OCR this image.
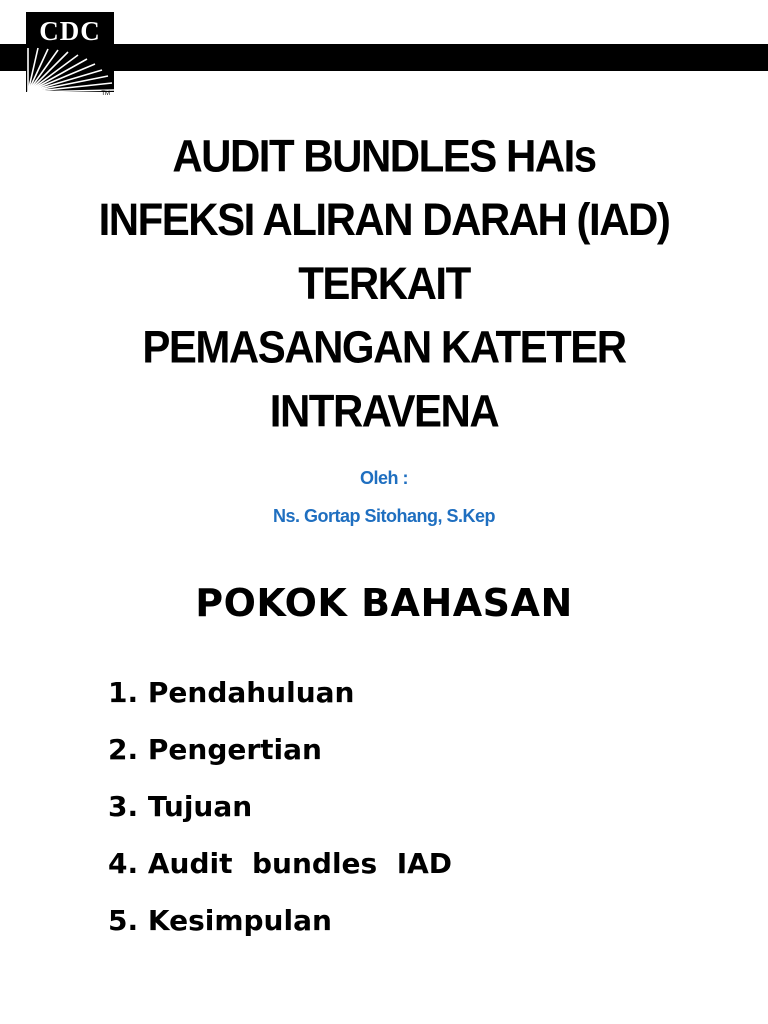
CDC
TM
AUDIT BUNDLES HAIs
INFEKSI ALIRAN DARAH (IAD)
TERKAIT
PEMASANGAN KATETER
INTRAVENA
Oleh :
Ns. Gortap Sitohang, S.Kep
POKOK BAHASAN
1. Pendahuluan
2. Pengertian
3. Tujuan
4. Audit  bundles  IAD
5. Kesimpulan
